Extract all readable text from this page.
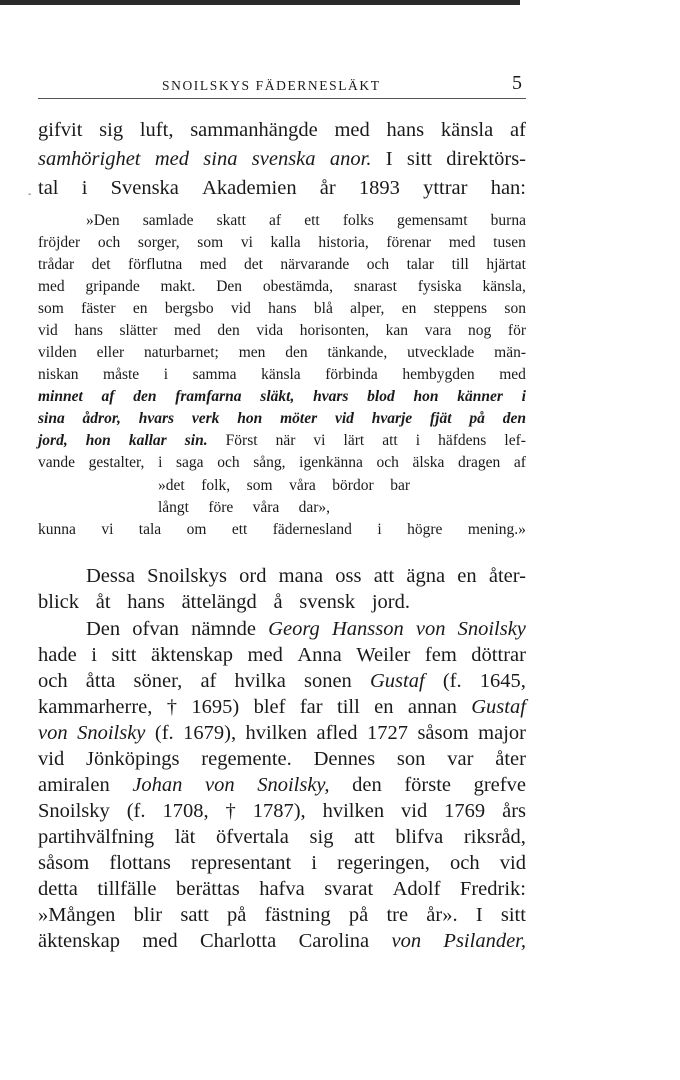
SNOILSKYS FÄDERNESLÄKT	5
‐
gifvit sig luft, sammanhängde med hans känsla af
samhörighet med sina svenska anor. I sitt direktörs-
tal i Svenska Akademien år 1893 yttrar han:
»Den samlade skatt af ett folks gemensamt burna
fröjder och sorger, som vi kalla historia, förenar med tusen
trådar det förflutna med det närvarande och talar till hjärtat
med gripande makt. Den obestämda, snarast fysiska känsla,
som fäster en bergsbo vid hans blå alper, en steppens son
vid hans slätter med den vida horisonten, kan vara nog för
vilden eller naturbarnet; men den tänkande, utvecklade män-
niskan måste i samma känsla förbinda hembygden med
minnet af den framfarna släkt, hvars blod hon känner i
sina ådror, hvars verk hon möter vid hvarje fjät på den
jord, hon kallar sin. Först när vi lärt att i häfdens lef-
vande gestalter, i saga och sång, igenkänna och älska dragen af
»det folk, som våra bördor bar
långt före våra dar»,
kunna vi tala om ett fädernesland i högre mening.»
Dessa Snoilskys ord mana oss att ägna en åter-
blick åt hans ättelängd å svensk jord.
Den ofvan nämnde Georg Hansson von Snoilsky
hade i sitt äktenskap med Anna Weiler fem döttrar
och åtta söner, af hvilka sonen Gustaf (f. 1645,
kammarherre, † 1695) blef far till en annan Gustaf
von Snoilsky (f. 1679), hvilken afled 1727 såsom major
vid Jönköpings regemente. Dennes son var åter
amiralen Johan von Snoilsky, den förste grefve
Snoilsky (f. 1708, † 1787), hvilken vid 1769 års
partihvälfning lät öfvertala sig att blifva riksråd,
såsom flottans representant i regeringen, och vid
detta tillfälle berättas hafva svarat Adolf Fredrik:
»Mången blir satt på fästning på tre år». I sitt
äktenskap med Charlotta Carolina von Psilander,
